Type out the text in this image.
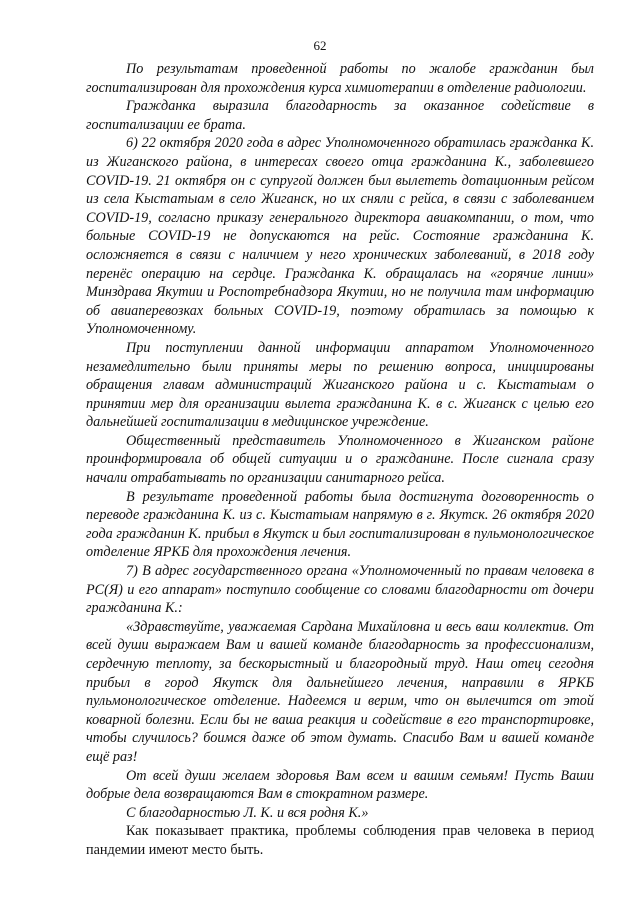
62

По результатам проведенной работы по жалобе гражданин был госпитализирован для прохождения курса химиотерапии в отделение радиологии.

Гражданка выразила благодарность за оказанное содействие в госпитализации ее брата.

6) 22 октября 2020 года в адрес Уполномоченного обратилась гражданка К. из Жиганского района, в интересах своего отца гражданина К., заболевшего COVID-19. 21 октября он с супругой должен был вылететь дотационным рейсом из села Кыстатыам в село Жиганск, но их сняли с рейса, в связи с заболеванием COVID-19, согласно приказу генерального директора авиакомпании, о том, что больные COVID-19 не допускаются на рейс. Состояние гражданина К. осложняется в связи с наличием у него хронических заболеваний, в 2018 году перенёс операцию на сердце. Гражданка К. обращалась на «горячие линии» Минздрава Якутии и Роспотребнадзора Якутии, но не получила там информацию об авиаперевозках больных COVID-19, поэтому обратилась за помощью к Уполномоченному.

При поступлении данной информации аппаратом Уполномоченного незамедлительно были приняты меры по решению вопроса, инициированы обращения главам администраций Жиганского района и с. Кыстатыам о принятии мер для организации вылета гражданина К. в с. Жиганск с целью его дальнейшей госпитализации в медицинское учреждение.

Общественный представитель Уполномоченного в Жиганском районе проинформировала об общей ситуации и о гражданине. После сигнала сразу начали отрабатывать по организации санитарного рейса.

В результате проведенной работы была достигнута договоренность о переводе гражданина К. из с. Кыстатыам напрямую в г. Якутск. 26 октября 2020 года гражданин К. прибыл в Якутск и был госпитализирован в пульмонологическое отделение ЯРКБ для прохождения лечения.

7) В адрес государственного органа «Уполномоченный по правам человека в РС(Я) и его аппарат» поступило сообщение со словами благодарности от дочери гражданина К.:

«Здравствуйте, уважаемая Сардана Михайловна и весь ваш коллектив. От всей души выражаем Вам и вашей команде благодарность за профессионализм, сердечную теплоту, за бескорыстный и благородный труд. Наш отец сегодня прибыл в город Якутск для дальнейшего лечения, направили в ЯРКБ пульмонологическое отделение. Надеемся и верим, что он вылечится от этой коварной болезни. Если бы не ваша реакция и содействие в его транспортировке, чтобы случилось? боимся даже об этом думать. Спасибо Вам и вашей команде ещё раз!

От всей души желаем здоровья Вам всем и вашим семьям! Пусть Ваши добрые дела возвращаются Вам в стократном размере.

С благодарностью Л. К. и вся родня К.»

Как показывает практика, проблемы соблюдения прав человека в период пандемии имеют место быть.
